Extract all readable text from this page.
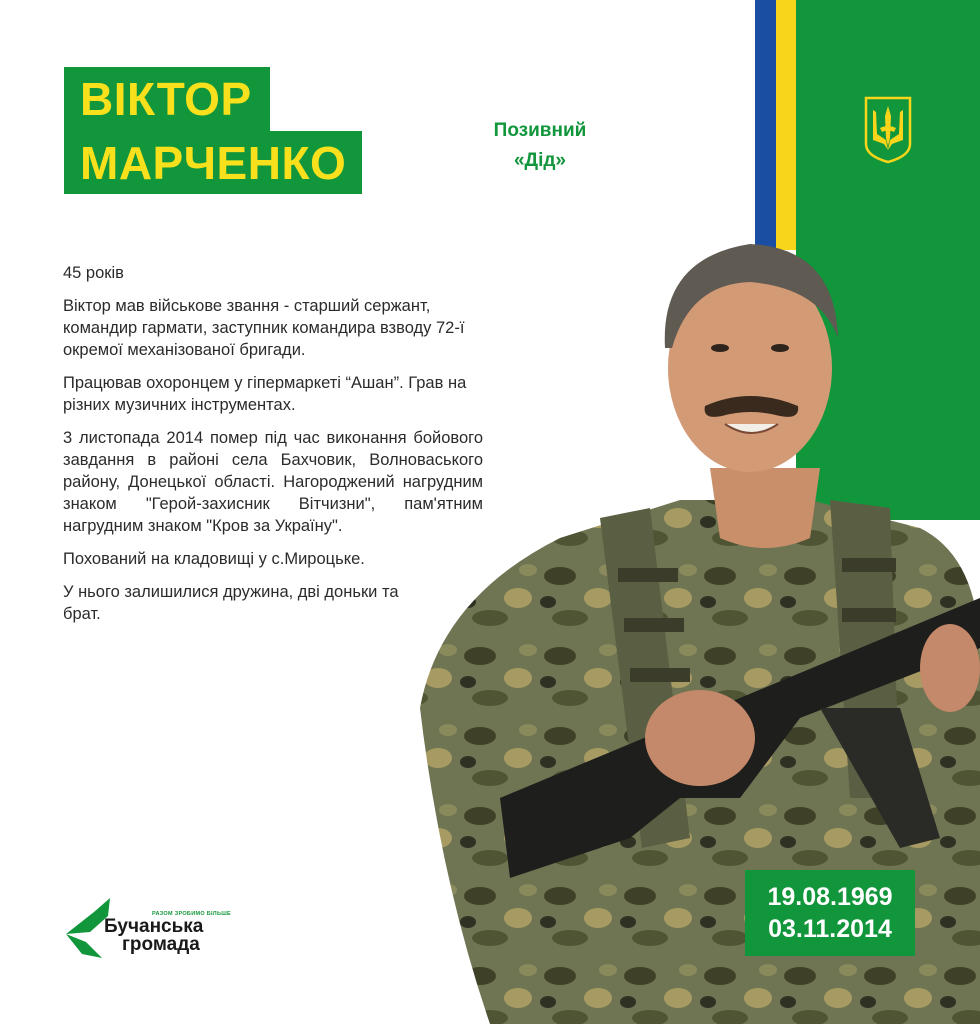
ВІКТОР
МАРЧЕНКО
Позивний
«Дід»

45 років

Віктор мав військове звання - старший сержант, командир гармати, заступник командира взводу 72-ї окремої механізованої бригади.

Працював охоронцем у гіпермаркеті “Ашан”. Грав на різних музичних інструментах.

3 листопада 2014 помер під час виконання бойового завдання в районі села Бахчовик, Волноваського району, Донецької області. Нагороджений нагрудним знаком "Герой-захисник Вітчизни", пам'ятним нагрудним знаком "Кров за Україну".

Похований на кладовищі у с.Мироцьке.

У нього залишилися дружина, дві доньки та брат.

19.08.1969
03.11.2014
РАЗОМ ЗРОБИМО БІЛЬШЕ
Бучанська
громада
